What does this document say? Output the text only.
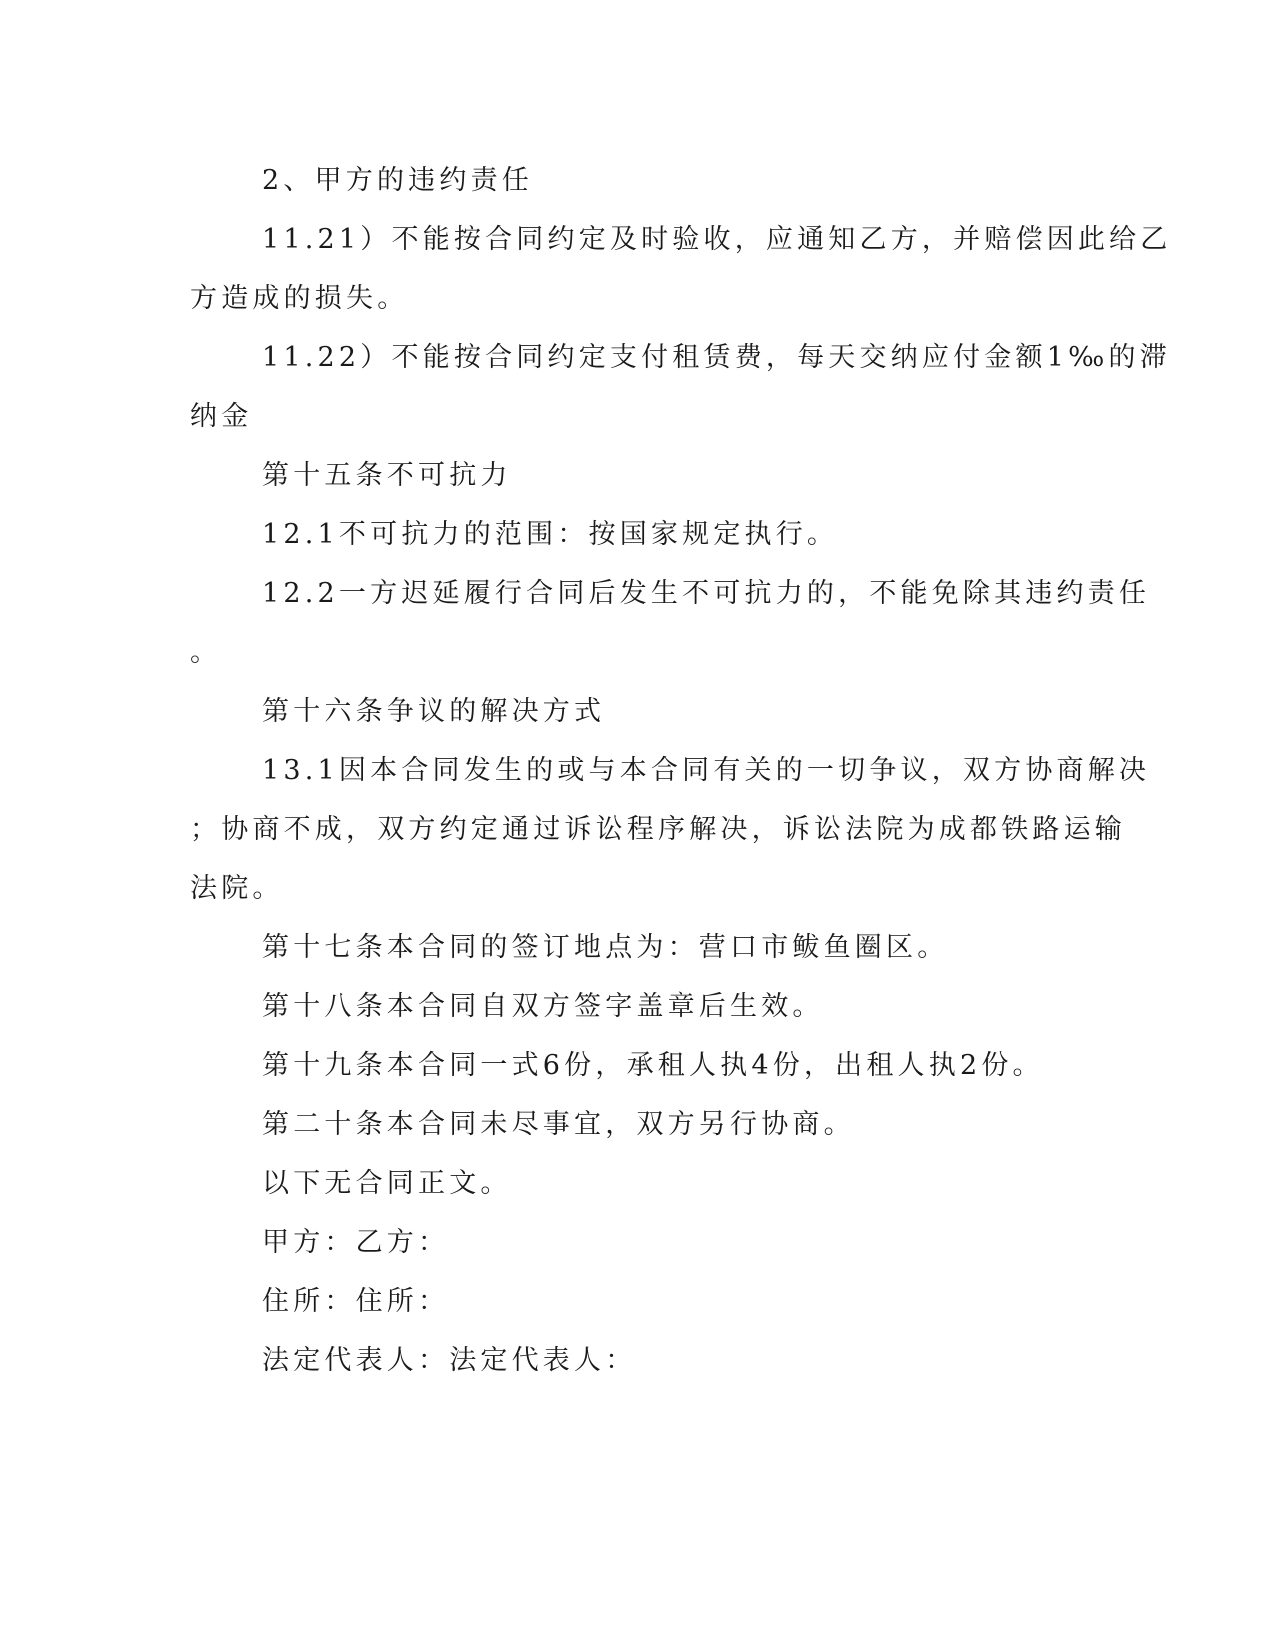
2、甲方的违约责任
11.21）不能按合同约定及时验收，应通知乙方，并赔偿因此给乙
方造成的损失。
11.22）不能按合同约定支付租赁费，每天交纳应付金额1‰的滞
纳金
第十五条不可抗力
12.1不可抗力的范围：按国家规定执行。
12.2一方迟延履行合同后发生不可抗力的，不能免除其违约责任
。
第十六条争议的解决方式
13.1因本合同发生的或与本合同有关的一切争议，双方协商解决
；协商不成，双方约定通过诉讼程序解决，诉讼法院为成都铁路运输
法院。
第十七条本合同的签订地点为：营口市鲅鱼圈区。
第十八条本合同自双方签字盖章后生效。
第十九条本合同一式6份，承租人执4份，出租人执2份。
第二十条本合同未尽事宜，双方另行协商。
以下无合同正文。
甲方：乙方：
住所：住所：
法定代表人：法定代表人：
